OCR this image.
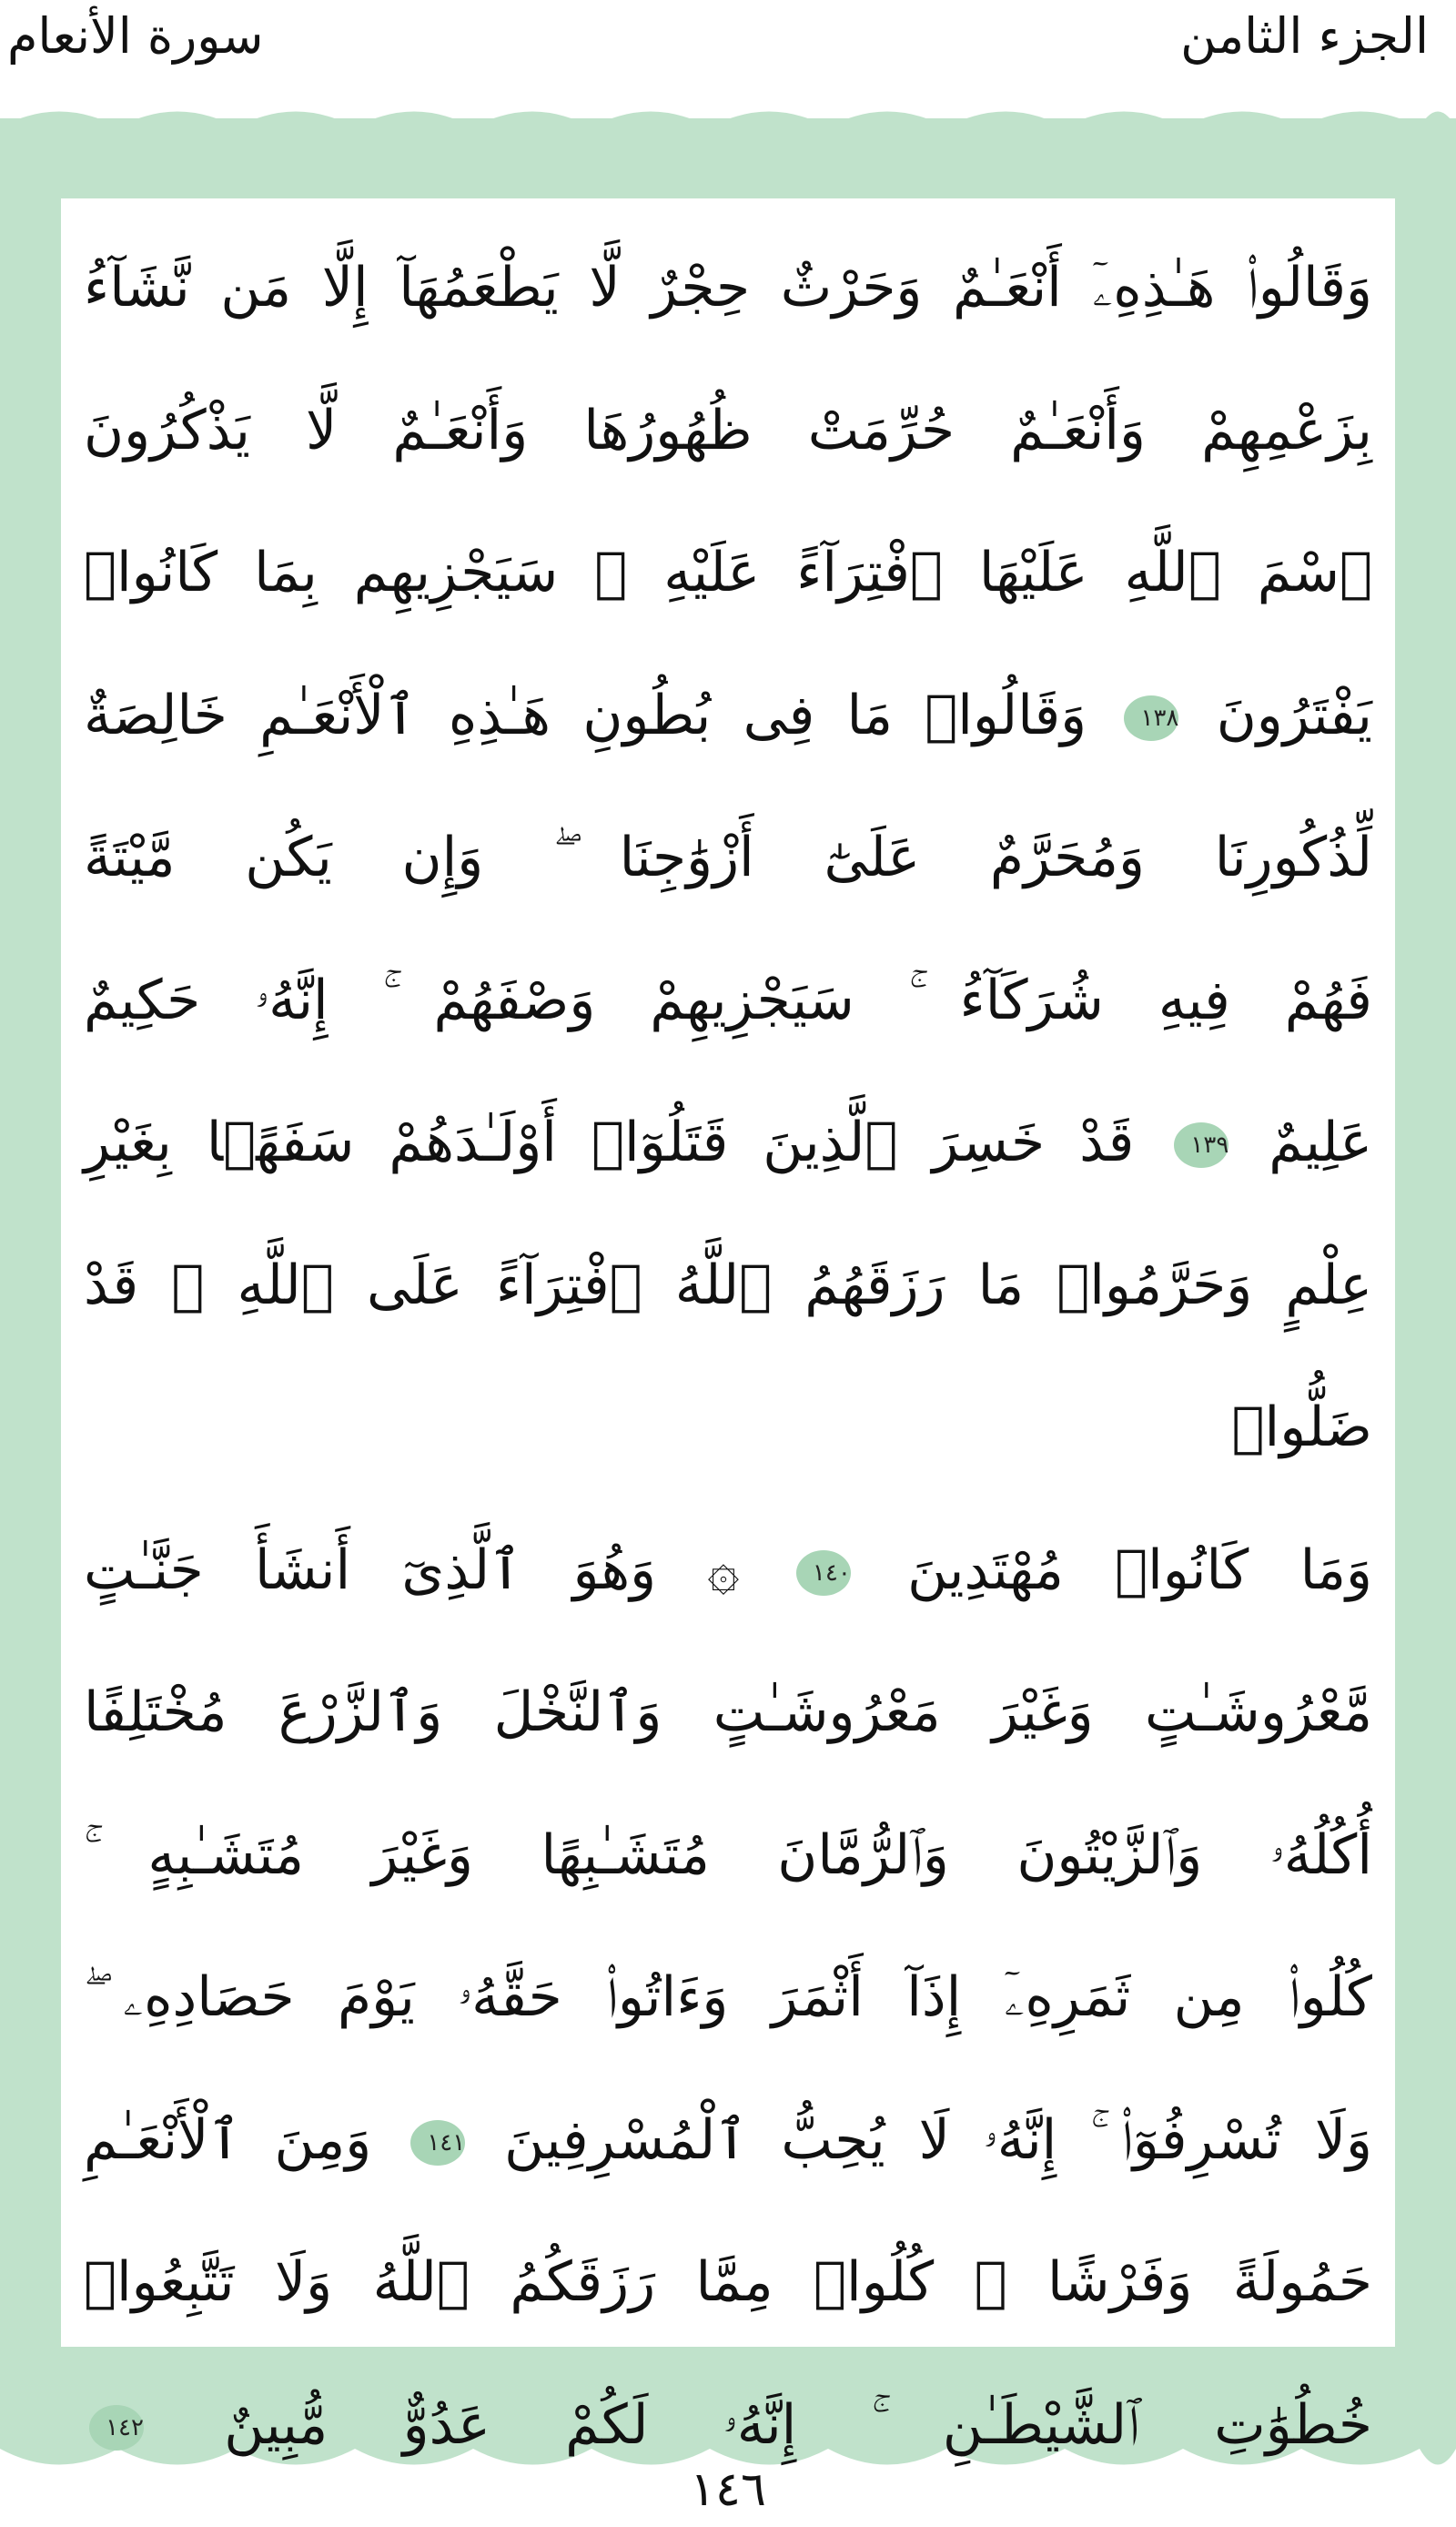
الجزء الثامن
سورة الأنعام
وَقَالُوا۟ هَـٰذِهِۦٓ أَنْعَـٰمٌ وَحَرْثٌ حِجْرٌ لَّا يَطْعَمُهَآ إِلَّا مَن نَّشَآءُ
بِزَعْمِهِمْ وَأَنْعَـٰمٌ حُرِّمَتْ ظُهُورُهَا وَأَنْعَـٰمٌ لَّا يَذْكُرُونَ
ٱسْمَ ٱللَّهِ عَلَيْهَا ٱفْتِرَآءً عَلَيْهِ ۚ سَيَجْزِيهِم بِمَا كَانُوا۟
يَفْتَرُونَ ١٣٨ وَقَالُوا۟ مَا فِى بُطُونِ هَـٰذِهِ ٱلْأَنْعَـٰمِ خَالِصَةٌ
لِّذُكُورِنَا وَمُحَرَّمٌ عَلَىٰٓ أَزْوَٰجِنَا ۖ وَإِن يَكُن مَّيْتَةً
فَهُمْ فِيهِ شُرَكَآءُ ۚ سَيَجْزِيهِمْ وَصْفَهُمْ ۚ إِنَّهُۥ حَكِيمٌ
عَلِيمٌ ١٣٩ قَدْ خَسِرَ ٱلَّذِينَ قَتَلُوٓا۟ أَوْلَـٰدَهُمْ سَفَهًۢا بِغَيْرِ
عِلْمٍ وَحَرَّمُوا۟ مَا رَزَقَهُمُ ٱللَّهُ ٱفْتِرَآءً عَلَى ٱللَّهِ ۚ قَدْ ضَلُّوا۟
وَمَا كَانُوا۟ مُهْتَدِينَ ١٤٠ ۞ وَهُوَ ٱلَّذِىٓ أَنشَأَ جَنَّـٰتٍ
مَّعْرُوشَـٰتٍ وَغَيْرَ مَعْرُوشَـٰتٍ وَٱلنَّخْلَ وَٱلزَّرْعَ مُخْتَلِفًا
أُكُلُهُۥ وَٱلزَّيْتُونَ وَٱلرُّمَّانَ مُتَشَـٰبِهًا وَغَيْرَ مُتَشَـٰبِهٍ ۚ
كُلُوا۟ مِن ثَمَرِهِۦٓ إِذَآ أَثْمَرَ وَءَاتُوا۟ حَقَّهُۥ يَوْمَ حَصَادِهِۦ ۖ
وَلَا تُسْرِفُوٓا۟ ۚ إِنَّهُۥ لَا يُحِبُّ ٱلْمُسْرِفِينَ ١٤١ وَمِنَ ٱلْأَنْعَـٰمِ
حَمُولَةً وَفَرْشًا ۚ كُلُوا۟ مِمَّا رَزَقَكُمُ ٱللَّهُ وَلَا تَتَّبِعُوا۟
خُطُوَٰتِ ٱلشَّيْطَـٰنِ ۚ إِنَّهُۥ لَكُمْ عَدُوٌّ مُّبِينٌ ١٤٢
١٤٦
